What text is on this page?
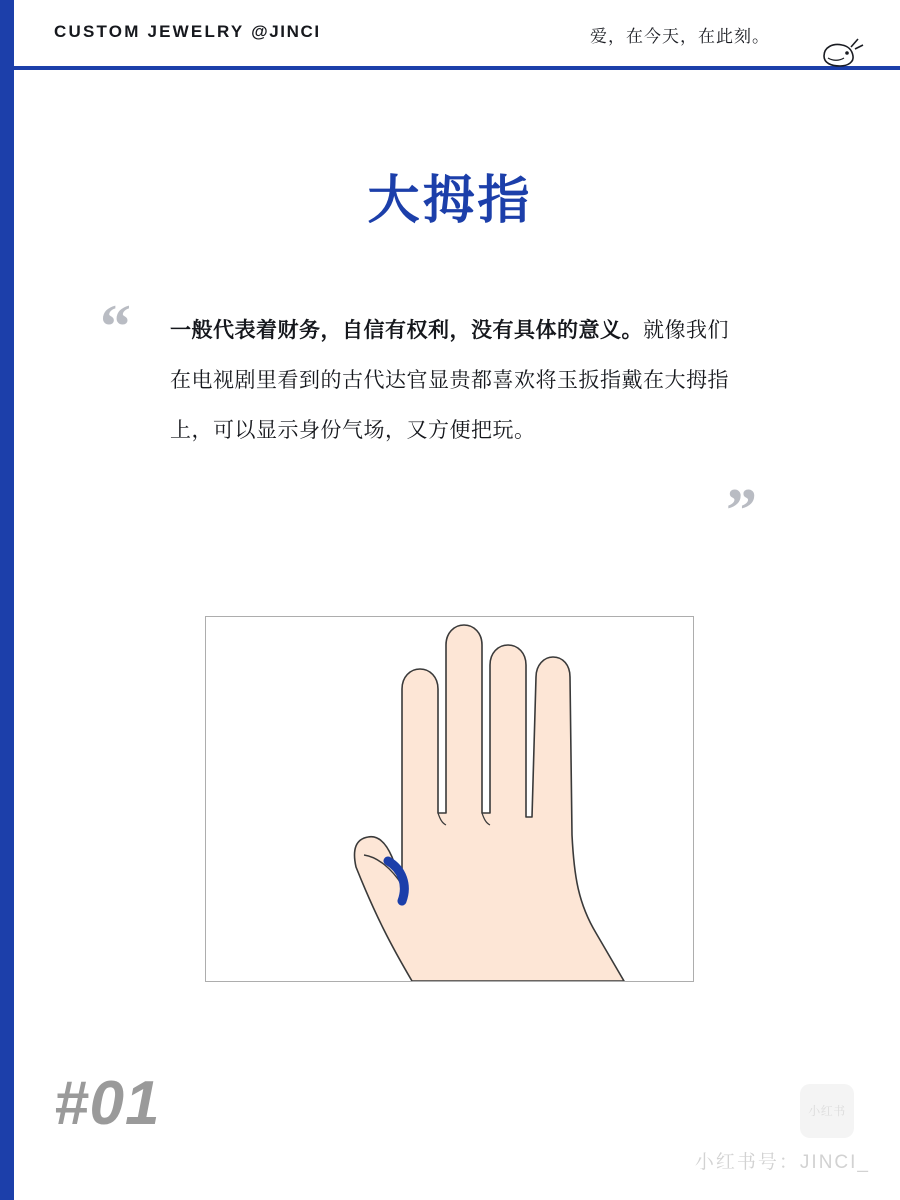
CUSTOM JEWELRY @JINCI	爱，在今天，在此刻。
大拇指
“ 一般代表着财务，自信有权利，没有具体的意义。就像我们在电视剧里看到的古代达官显贵都喜欢将玉扳指戴在大拇指上，可以显示身份气场，又方便把玩。
”
#01	小红书
小红书号：JINCI_
